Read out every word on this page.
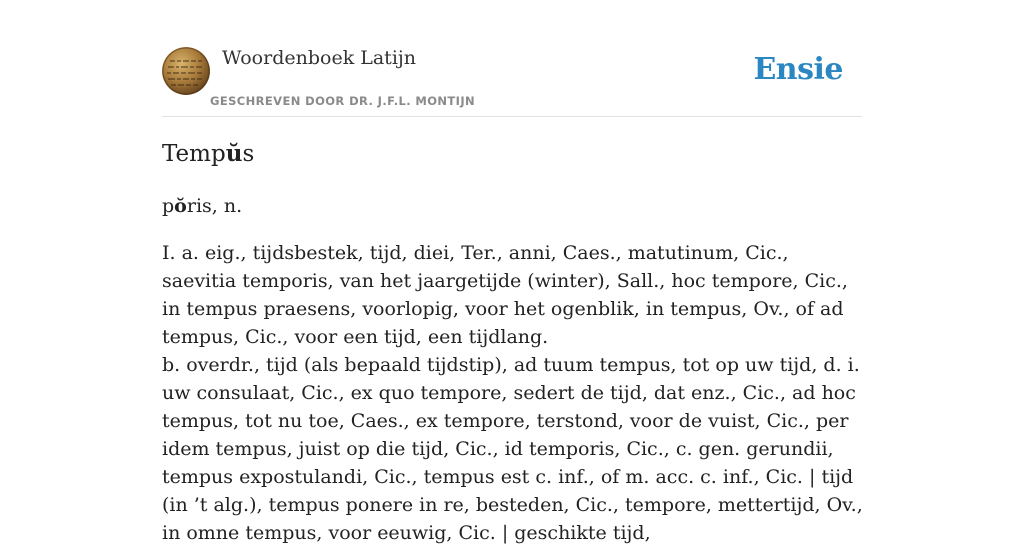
Woordenboek Latijn
GESCHREVEN DOOR DR. J.F.L. MONTIJN
Ensie
Tempŭs
pŏris, n.

I. a. eig., tijdsbestek, tijd, diei, Ter., anni, Caes., matutinum, Cic., saevitia temporis, van het jaargetijde (winter), Sall., hoc tempore, Cic., in tempus praesens, voorlopig, voor het ogenblik, in tempus, Ov., of ad tempus, Cic., voor een tijd, een tijdlang.

b. overdr., tijd (als bepaald tijdstip), ad tuum tempus, tot op uw tijd, d. i. uw consulaat, Cic., ex quo tempore, sedert de tijd, dat enz., Cic., ad hoc tempus, tot nu toe, Caes., ex tempore, terstond, voor de vuist, Cic., per idem tempus, juist op die tijd, Cic., id temporis, Cic., c. gen. gerundii, tempus expostulandi, Cic., tempus est c. inf., of m. acc. c. inf., Cic. | tijd (in ’t alg.), tempus ponere in re, besteden, Cic., tempore, mettertijd, Ov., in omne tempus, voor eeuwig, Cic. | geschikte tijd,
